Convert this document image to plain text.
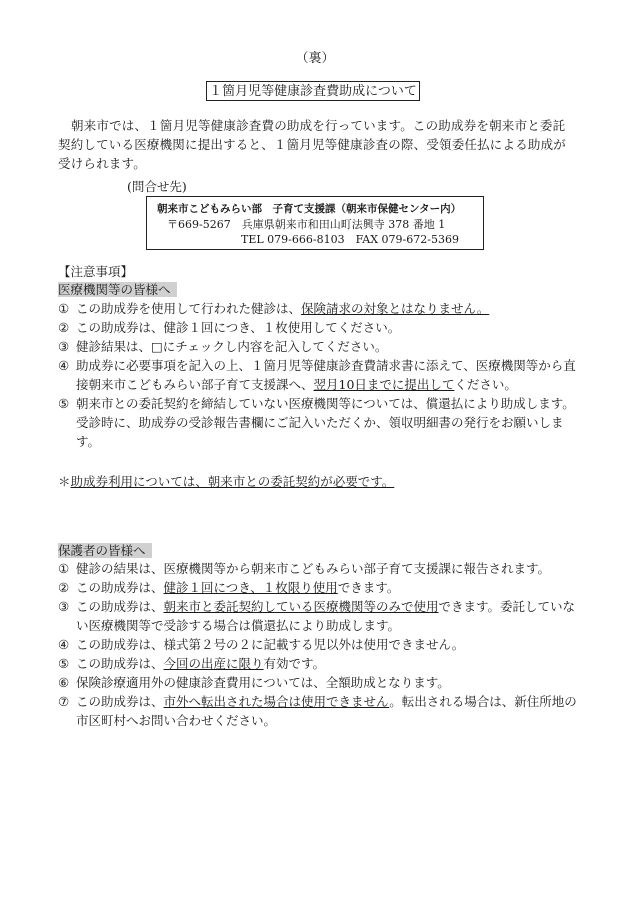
（裏）
１箇月児等健康診査費助成について
朝来市では、１箇月児等健康診査費の助成を行っています。この助成券を朝来市と委託契約している医療機関に提出すると、１箇月児等健康診査の際、受領委任払による助成が受けられます。
(問合せ先)
朝来市こどもみらい部　子育て支援課（朝来市保健センター内）
〒669-5267　兵庫県朝来市和田山町法興寺 378 番地 1
TEL 079-666-8103　FAX 079-672-5369
【注意事項】
医療機関等の皆様へ
① この助成券を使用して行われた健診は、保険請求の対象とはなりません。
② この助成券は、健診１回につき、１枚使用してください。
③ 健診結果は、□にチェックし内容を記入してください。
④ 助成券に必要事項を記入の上、１箇月児等健康診査費請求書に添えて、医療機関等から直接朝来市こどもみらい部子育て支援課へ、翌月10日までに提出してください。
⑤ 朝来市との委託契約を締結していない医療機関等については、償還払により助成します。受診時に、助成券の受診報告書欄にご記入いただくか、領収明細書の発行をお願いします。
＊助成券利用については、朝来市との委託契約が必要です。
保護者の皆様へ
① 健診の結果は、医療機関等から朝来市こどもみらい部子育て支援課に報告されます。
② この助成券は、健診１回につき、１枚限り使用できます。
③ この助成券は、朝来市と委託契約している医療機関等のみで使用できます。委託していない医療機関等で受診する場合は償還払により助成します。
④ この助成券は、様式第２号の２に記載する児以外は使用できません。
⑤ この助成券は、今回の出産に限り有効です。
⑥ 保険診療適用外の健康診査費用については、全額助成となります。
⑦ この助成券は、市外へ転出された場合は使用できません。転出される場合は、新住所地の市区町村へお問い合わせください。
